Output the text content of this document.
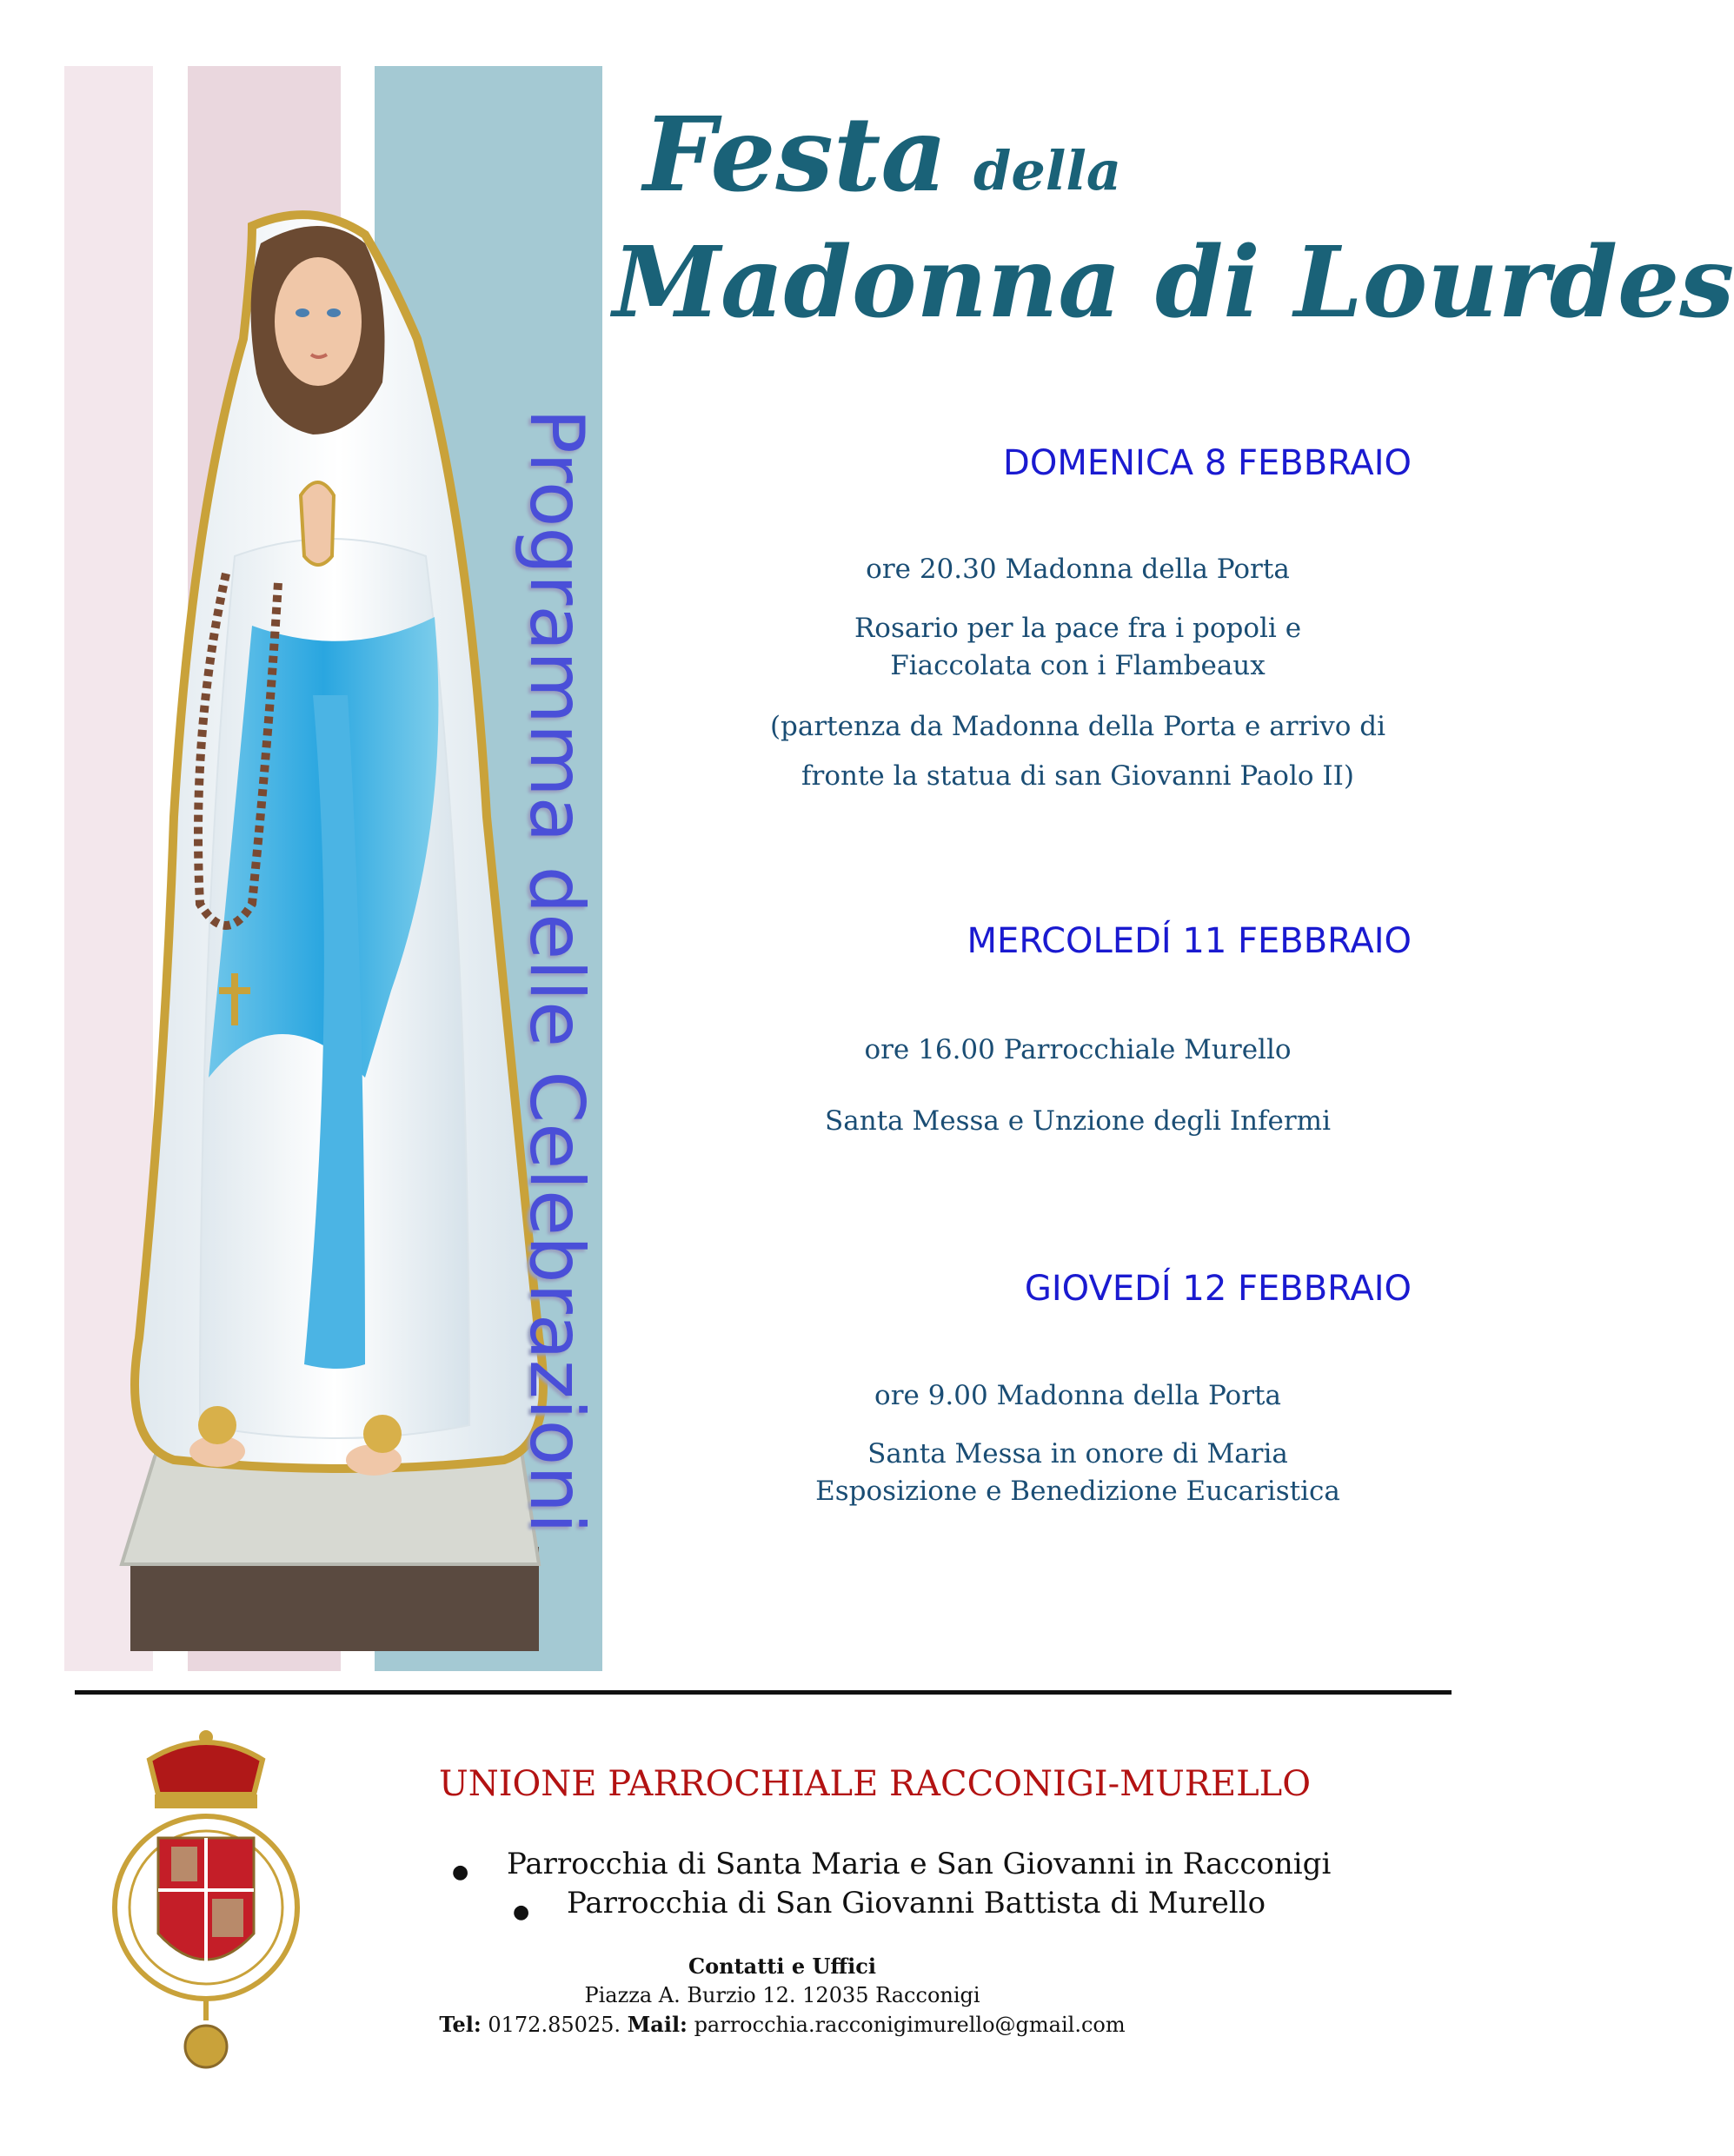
Festa della
Madonna di Lourdes
Programma delle Celebrazioni	DOMENICA 8 FEBBRAIO
ore 20.30 Madonna della Porta
Rosario per la pace fra i popoli e
Fiaccolata con i Flambeaux
(partenza da Madonna della Porta e arrivo di
fronte la statua di san Giovanni Paolo II)
MERCOLEDÍ 11 FEBBRAIO
ore 16.00 Parrocchiale Murello
Santa Messa e Unzione degli Infermi
GIOVEDÍ 12 FEBBRAIO
ore 9.00 Madonna della Porta
Santa Messa in onore di Maria
Esposizione e Benedizione Eucaristica
UNIONE PARROCHIALE RACCONIGI-MURELLO
● Parrocchia di Santa Maria e San Giovanni in Racconigi
● Parrocchia di San Giovanni Battista di Murello
Contatti e Uffici
Piazza A. Burzio 12. 12035 Racconigi
Tel: 0172.85025. Mail: parrocchia.racconigimurello@gmail.com
